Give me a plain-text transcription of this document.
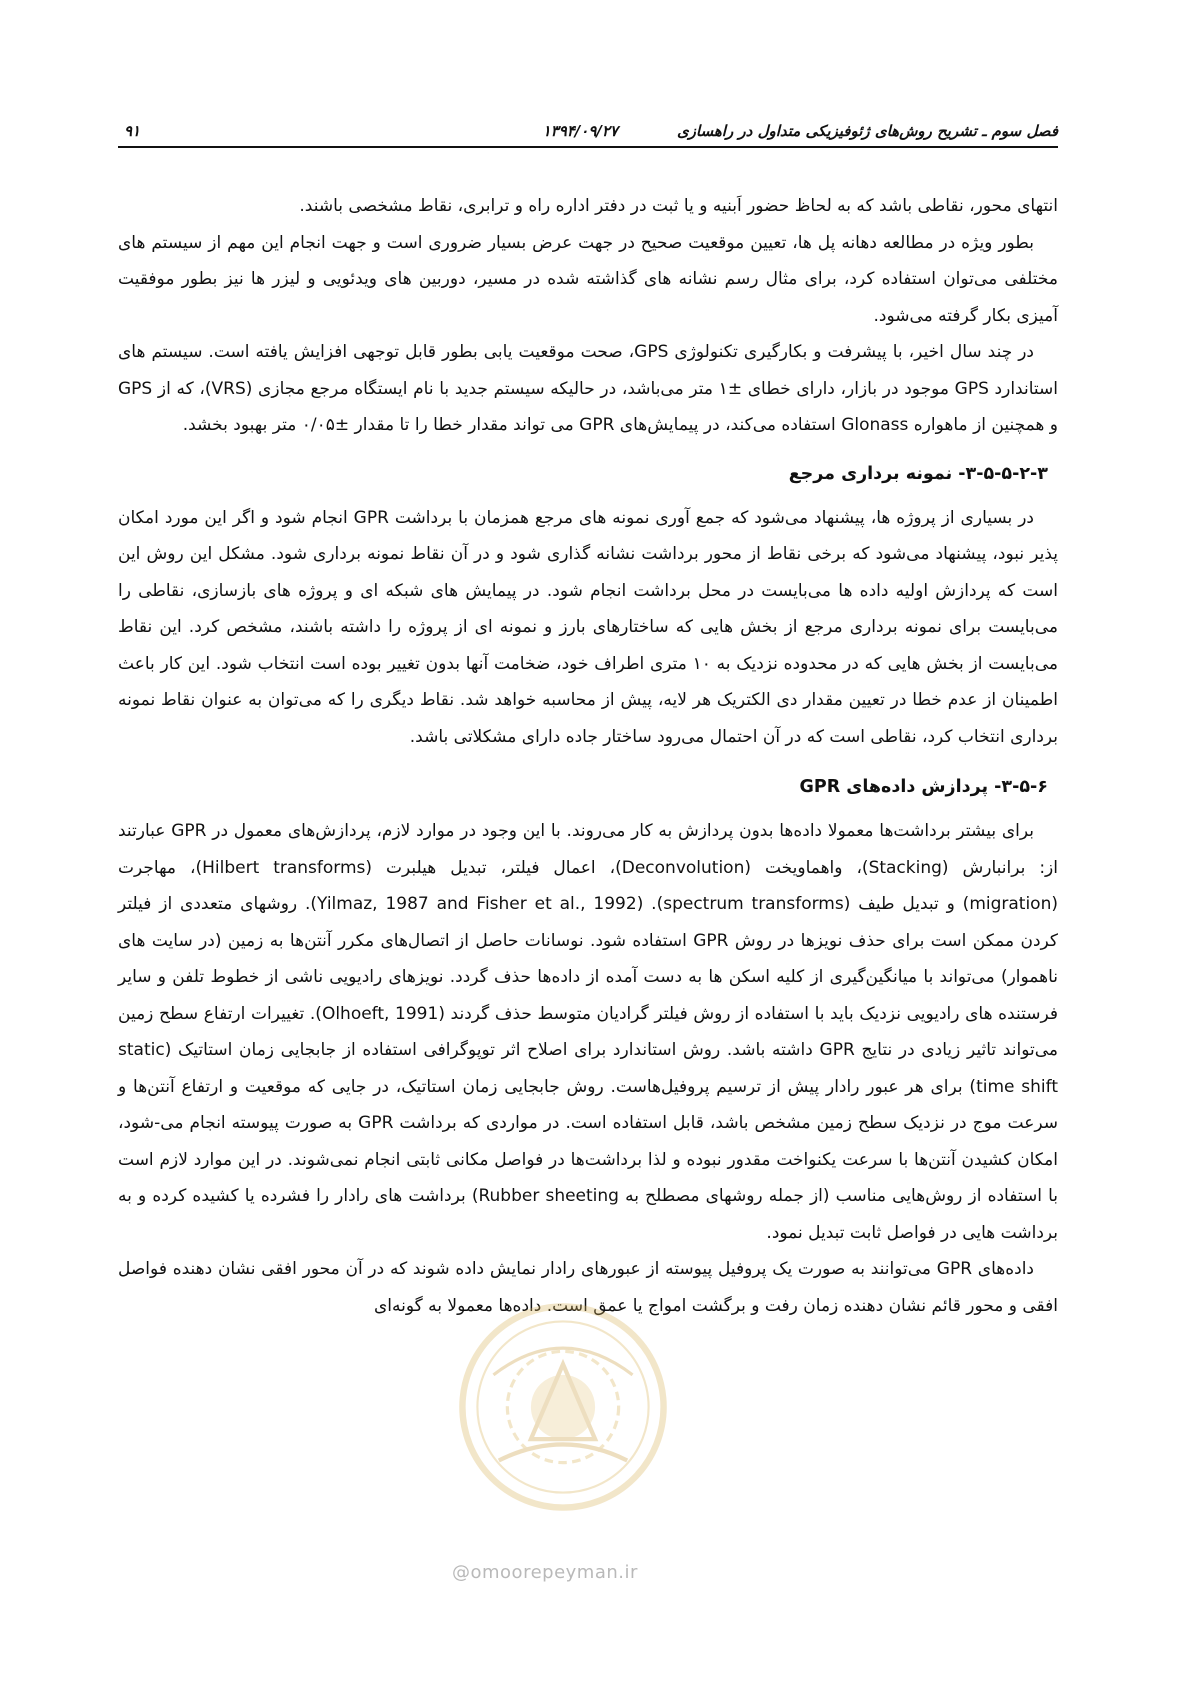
فصل سوم ـ تشریح روش‌های ژئوفیزیکی متداول در راهسازی
۱۳۹۴/۰۹/۲۷
۹۱

انتهای محور، نقاطی باشد که به لحاظ حضور اَبنیه و یا ثبت در دفتر اداره راه و ترابری، نقاط مشخصی باشند.

بطور ویژه در مطالعه دهانه پل ها، تعیین موقعیت صحیح در جهت عرض بسیار ضروری است و جهت انجام این مهم از سیستم های مختلفی می‌توان استفاده کرد، برای مثال رسم نشانه های گذاشته شده در مسیر، دوربین های ویدئویی و لیزر ها نیز بطور موفقیت آمیزی بکار گرفته می‌شود.

در چند سال اخیر، با پیشرفت و بکارگیری تکنولوژی GPS، صحت موقعیت یابی بطور قابل توجهی افزایش یافته است. سیستم های استاندارد GPS موجود در بازار، دارای خطای ±۱ متر می‌باشد، در حالیکه سیستم جدید با نام ایستگاه مرجع مجازی (VRS)، که از GPS و همچنین از ماهواره Glonass استفاده می‌کند، در پیمایش‌های GPR می تواند مقدار خطا را تا مقدار ±۰/۰۵ متر بهبود بخشد.

۳-۵-۵-۲-۳- نمونه برداری مرجع

در بسیاری از پروژه ها، پیشنهاد می‌شود که جمع آوری نمونه های مرجع همزمان با برداشت GPR انجام شود و اگر این مورد امکان پذیر نبود، پیشنهاد می‌شود که برخی نقاط از محور برداشت نشانه گذاری شود و در آن نقاط نمونه برداری شود. مشکل این روش این است که پردازش اولیه داده ها می‌بایست در محل برداشت انجام شود. در پیمایش های شبکه ای و پروژه های بازسازی، نقاطی را می‌بایست برای نمونه برداری مرجع از بخش هایی که ساختارهای بارز و نمونه ای از پروژه را داشته باشند، مشخص کرد. این نقاط می‌بایست از بخش هایی که در محدوده نزدیک به ۱۰ متری اطراف خود، ضخامت آنها بدون تغییر بوده است انتخاب شود. این کار باعث اطمینان از عدم خطا در تعیین مقدار دی الکتریک هر لایه، پیش از محاسبه خواهد شد. نقاط دیگری را که می‌توان به عنوان نقاط نمونه برداری انتخاب کرد، نقاطی است که در آن احتمال می‌رود ساختار جاده دارای مشکلاتی باشد.

۳-۵-۶- پردازش داده‌های GPR

برای بیشتر برداشت‌ها معمولا داده‌ها بدون پردازش به کار می‌روند. با این وجود در موارد لازم، پردازش‌های معمول در GPR عبارتند از: برانبارش (Stacking)، واهماویخت (Deconvolution)، اعمال فیلتر، تبدیل هیلبرت (Hilbert transforms)، مهاجرت (migration) و تبدیل طیف (spectrum transforms). (Yilmaz, 1987 and Fisher et al., 1992). روشهای متعددی از فیلتر کردن ممکن است برای حذف نویزها در روش GPR استفاده شود. نوسانات حاصل از اتصال‌های مکرر آنتن‌ها به زمین (در سایت های ناهموار) می‌تواند با میانگین‌گیری از کلیه اسکن ها به دست آمده از داده‌ها حذف گردد. نویزهای رادیویی ناشی از خطوط تلفن و سایر فرستنده های رادیویی نزدیک باید با استفاده از روش فیلتر گرادیان متوسط حذف گردند (Olhoeft, 1991). تغییرات ارتفاع سطح زمین می‌تواند تاثیر زیادی در نتایج GPR داشته باشد. روش استاندارد برای اصلاح اثر توپوگرافی استفاده از جابجایی زمان استاتیک (static time shift) برای هر عبور رادار پیش از ترسیم پروفیل‌هاست. روش جابجایی زمان استاتیک، در جایی که موقعیت و ارتفاع آنتن‌ها و سرعت موج در نزدیک سطح زمین مشخص باشد، قابل استفاده است. در مواردی که برداشت GPR به صورت پیوسته انجام می-شود، امکان کشیدن آنتن‌ها با سرعت یکنواخت مقدور نبوده و لذا برداشت‌ها در فواصل مکانی ثابتی انجام نمی‌شوند. در این موارد لازم است با استفاده از روش‌هایی مناسب (از جمله روشهای مصطلح به Rubber sheeting) برداشت های رادار را فشرده یا کشیده کرده و به برداشت هایی در فواصل ثابت تبدیل نمود.

داده‌های GPR می‌توانند به صورت یک پروفیل پیوسته از عبورهای رادار نمایش داده شوند که در آن محور افقی نشان دهنده فواصل افقی و محور قائم نشان دهنده زمان رفت و برگشت امواج یا عمق است. داده‌ها معمولا به گونه‌ای

@omoorepeyman.ir
